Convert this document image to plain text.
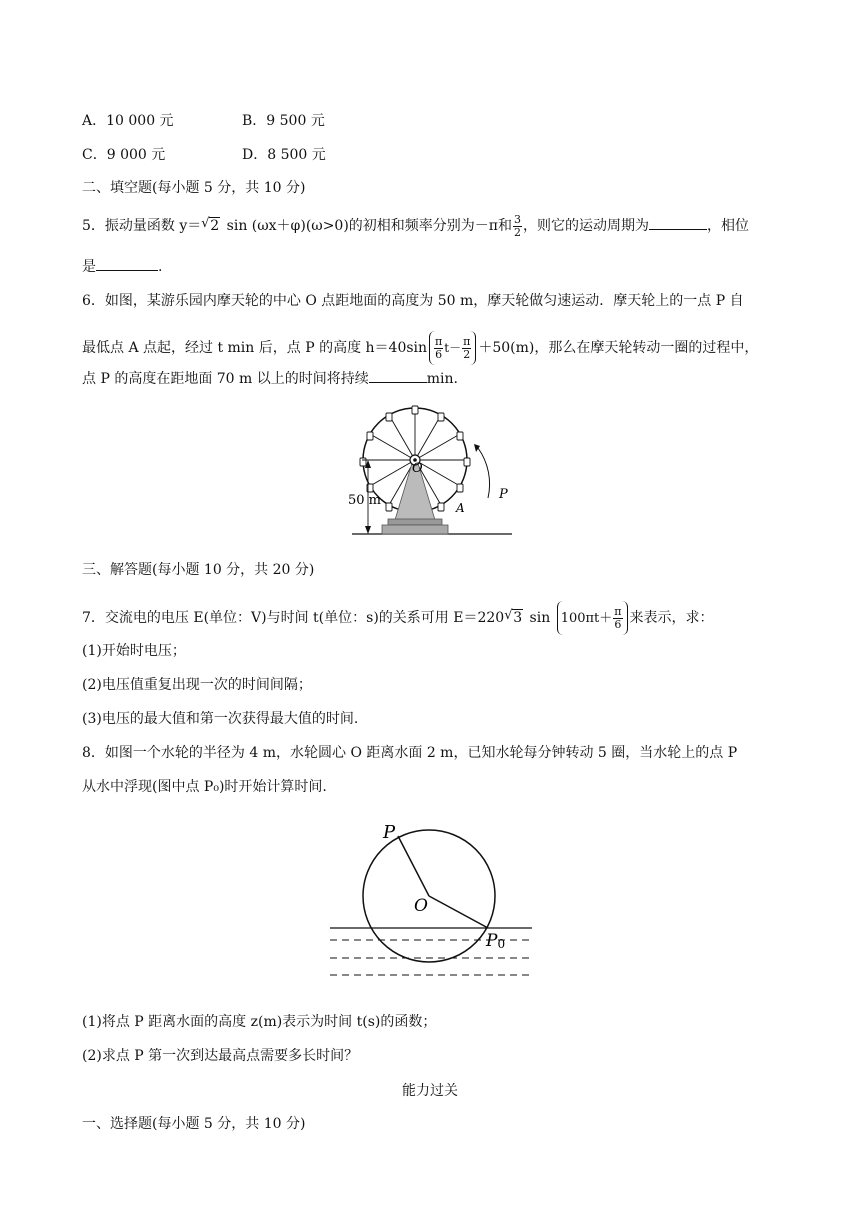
A．10 000 元	B．9 500 元
C．9 000 元	D．8 500 元
二、填空题(每小题 5 分，共 10 分)
5．振动量函数 y＝ √ 2 sin (ωx＋φ)(ω>0)的初相和频率分别为－π和 $\frac{3}{2}$ ，则它的运动周期为	，相位
是	.
6．如图，某游乐园内摩天轮的中心 O 点距地面的高度为 50 m，摩天轮做匀速运动．摩天轮上的一点 P 自
最低点 A 点起，经过 t min 后，点 P 的高度 $h=40\sin \frac{\pi}{6} t- \frac{\pi}{2} +50(m)$，那么在摩天轮转动一圈的过程中，
点 P 的高度在距地面 70 m 以上的时间将持续	min.
50 m
O
P
A
三、解答题(每小题 10 分，共 20 分)
7．交流电的电压 E(单位：V)与时间 t(单位：s)的关系可用 E＝220 √ 3 $\sin 100\pi t+ \frac{\pi}{6}$ 来表示，求：
(1)开始时电压；
(2)电压值重复出现一次的时间间隔；
(3)电压的最大值和第一次获得最大值的时间.
8．如图一个水轮的半径为 4 m，水轮圆心 O 距离水面 2 m，已知水轮每分钟转动 5 圈，当水轮上的点 P
从水中浮现(图中点 P₀)时开始计算时间.
P
O
P0
(1)将点 P 距离水面的高度 z(m)表示为时间 t(s)的函数；
(2)求点 P 第一次到达最高点需要多长时间？
能力过关
一、选择题(每小题 5 分，共 10 分)
